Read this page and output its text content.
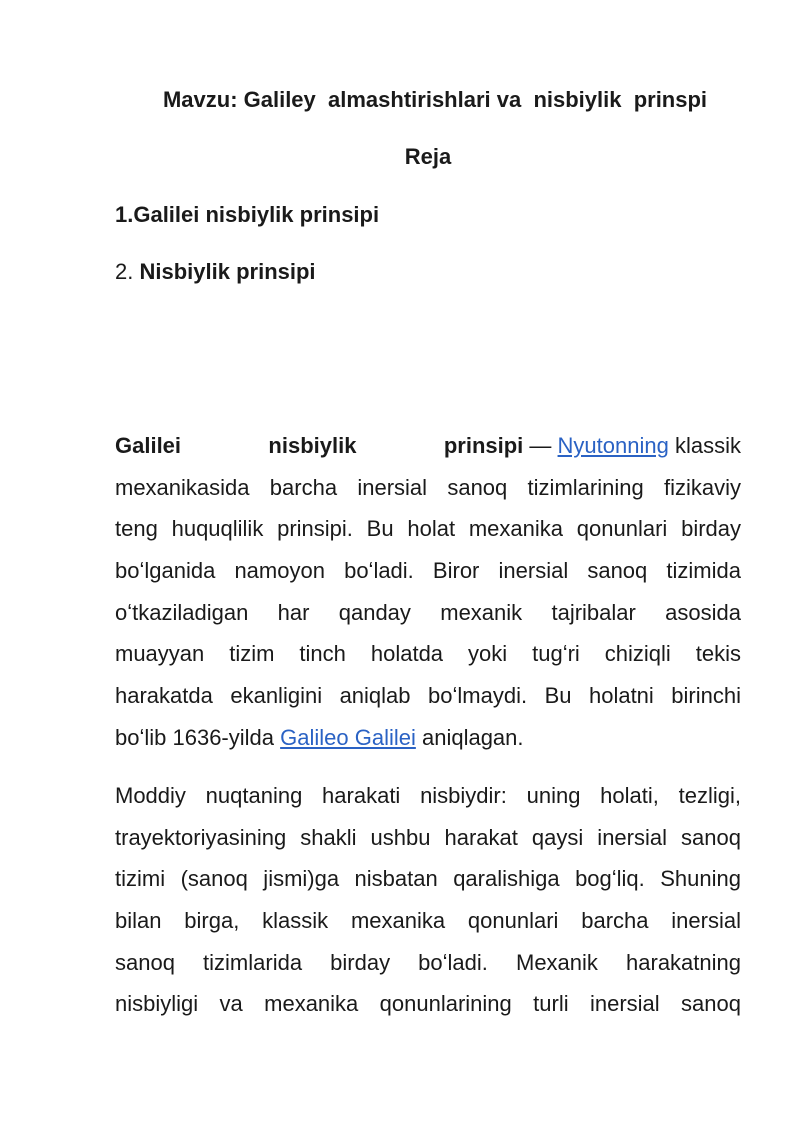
Mavzu: Galiley  almashtirishlari va  nisbiylik  prinspi
Reja
1.Galilei nisbiylik prinsipi
2. Nisbiylik prinsipi
Galilei	nisbiylik	prinsipi — Nyutonning klassik
mexanikasida barcha inersial sanoq tizimlarining fizikaviy
teng huquqlilik prinsipi. Bu holat mexanika qonunlari birday
boʻlganida namoyon boʻladi. Biror inersial sanoq tizimida
oʻtkaziladigan har qanday mexanik tajribalar asosida
muayyan tizim tinch holatda yoki tugʻri chiziqli tekis
harakatda ekanligini aniqlab boʻlmaydi. Bu holatni birinchi
boʻlib 1636-yilda Galileo Galilei aniqlagan.
Moddiy nuqtaning harakati nisbiydir: uning holati, tezligi,
trayektoriyasining shakli ushbu harakat qaysi inersial sanoq
tizimi (sanoq jismi)ga nisbatan qaralishiga bogʻliq. Shuning
bilan birga, klassik mexanika qonunlari barcha inersial
sanoq tizimlarida birday boʻladi. Mexanik harakatning
nisbiyligi va mexanika qonunlarining turli inersial sanoq
